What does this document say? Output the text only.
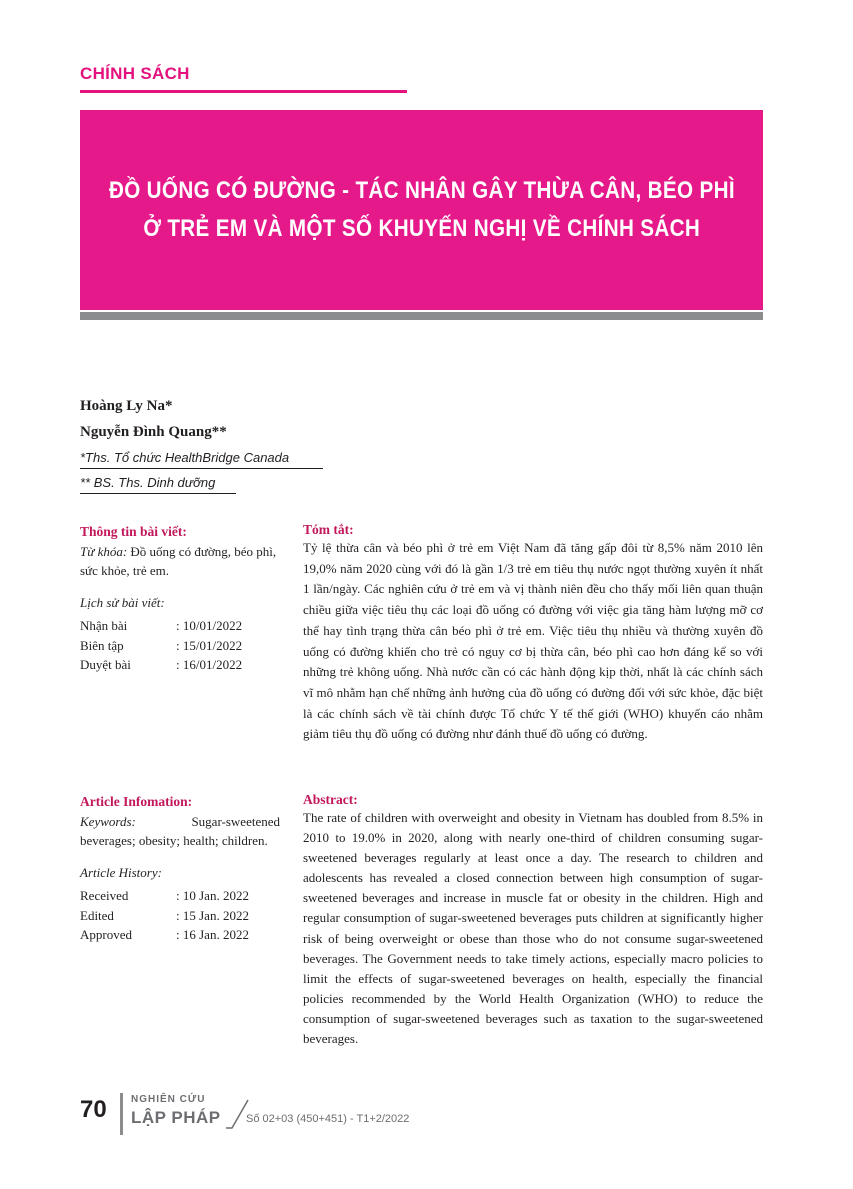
CHÍNH SÁCH
ĐỒ UỐNG CÓ ĐƯỜNG - TÁC NHÂN GÂY THỪA CÂN, BÉO PHÌ
Ở TRẺ EM VÀ MỘT SỐ KHUYẾN NGHỊ VỀ CHÍNH SÁCH
Hoàng Ly Na*
Nguyễn Đình Quang**
*Ths. Tổ chức HealthBridge Canada
** BS. Ths. Dinh dưỡng
Thông tin bài viết:
Từ khóa: Đồ uống có đường, béo phì, sức khỏe, trẻ em.
Lịch sử bài viết:
Nhận bài	: 10/01/2022
Biên tập	: 15/01/2022
Duyệt bài	: 16/01/2022
Article Infomation:
Keywords:	Sugar-sweetened beverages; obesity; health; children.
Article History:
Received	: 10 Jan. 2022
Edited	: 15 Jan. 2022
Approved	: 16 Jan. 2022
Tóm tắt:
Tỷ lệ thừa cân và béo phì ở trẻ em Việt Nam đã tăng gấp đôi từ 8,5% năm 2010 lên 19,0% năm 2020 cùng với đó là gần 1/3 trẻ em tiêu thụ nước ngọt thường xuyên ít nhất 1 lần/ngày. Các nghiên cứu ở trẻ em và vị thành niên đều cho thấy mối liên quan thuận chiều giữa việc tiêu thụ các loại đồ uống có đường với việc gia tăng hàm lượng mỡ cơ thể hay tình trạng thừa cân béo phì ở trẻ em. Việc tiêu thụ nhiều và thường xuyên đồ uống có đường khiến cho trẻ có nguy cơ bị thừa cân, béo phì cao hơn đáng kể so với những trẻ không uống. Nhà nước cần có các hành động kịp thời, nhất là các chính sách vĩ mô nhằm hạn chế những ảnh hưởng của đồ uống có đường đối với sức khỏe, đặc biệt là các chính sách về tài chính được Tổ chức Y tế thế giới (WHO) khuyến cáo nhằm giảm tiêu thụ đồ uống có đường như đánh thuế đồ uống có đường.
Abstract:
The rate of children with overweight and obesity in Vietnam has doubled from 8.5% in 2010 to 19.0% in 2020, along with nearly one-third of children consuming sugar-sweetened beverages regularly at least once a day. The research to children and adolescents has revealed a closed connection between high consumption of sugar-sweetened beverages and increase in muscle fat or obesity in the children. High and regular consumption of sugar-sweetened beverages puts children at significantly higher risk of being overweight or obese than those who do not consume sugar-sweetened beverages. The Government needs to take timely actions, especially macro policies to limit the effects of sugar-sweetened beverages on health, especially the financial policies recommended by the World Health Organization (WHO) to reduce the consumption of sugar-sweetened beverages such as taxation to the sugar-sweetened beverages.
70 NGHIÊN CỨU
LẬP PHÁP Số 02+03 (450+451) - T1+2/2022
